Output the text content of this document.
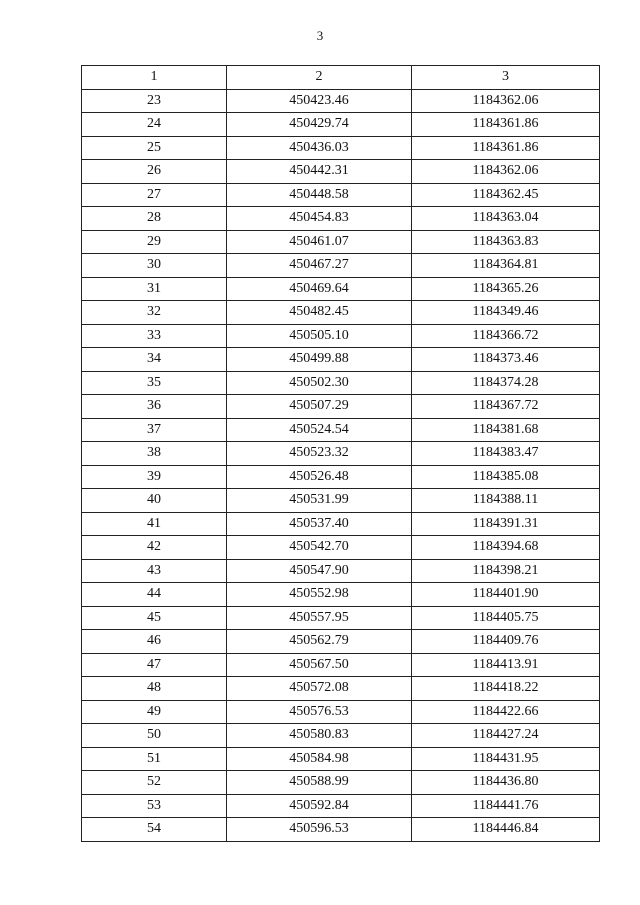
3
1	2	3
23	450423.46	1184362.06
24	450429.74	1184361.86
25	450436.03	1184361.86
26	450442.31	1184362.06
27	450448.58	1184362.45
28	450454.83	1184363.04
29	450461.07	1184363.83
30	450467.27	1184364.81
31	450469.64	1184365.26
32	450482.45	1184349.46
33	450505.10	1184366.72
34	450499.88	1184373.46
35	450502.30	1184374.28
36	450507.29	1184367.72
37	450524.54	1184381.68
38	450523.32	1184383.47
39	450526.48	1184385.08
40	450531.99	1184388.11
41	450537.40	1184391.31
42	450542.70	1184394.68
43	450547.90	1184398.21
44	450552.98	1184401.90
45	450557.95	1184405.75
46	450562.79	1184409.76
47	450567.50	1184413.91
48	450572.08	1184418.22
49	450576.53	1184422.66
50	450580.83	1184427.24
51	450584.98	1184431.95
52	450588.99	1184436.80
53	450592.84	1184441.76
54	450596.53	1184446.84
